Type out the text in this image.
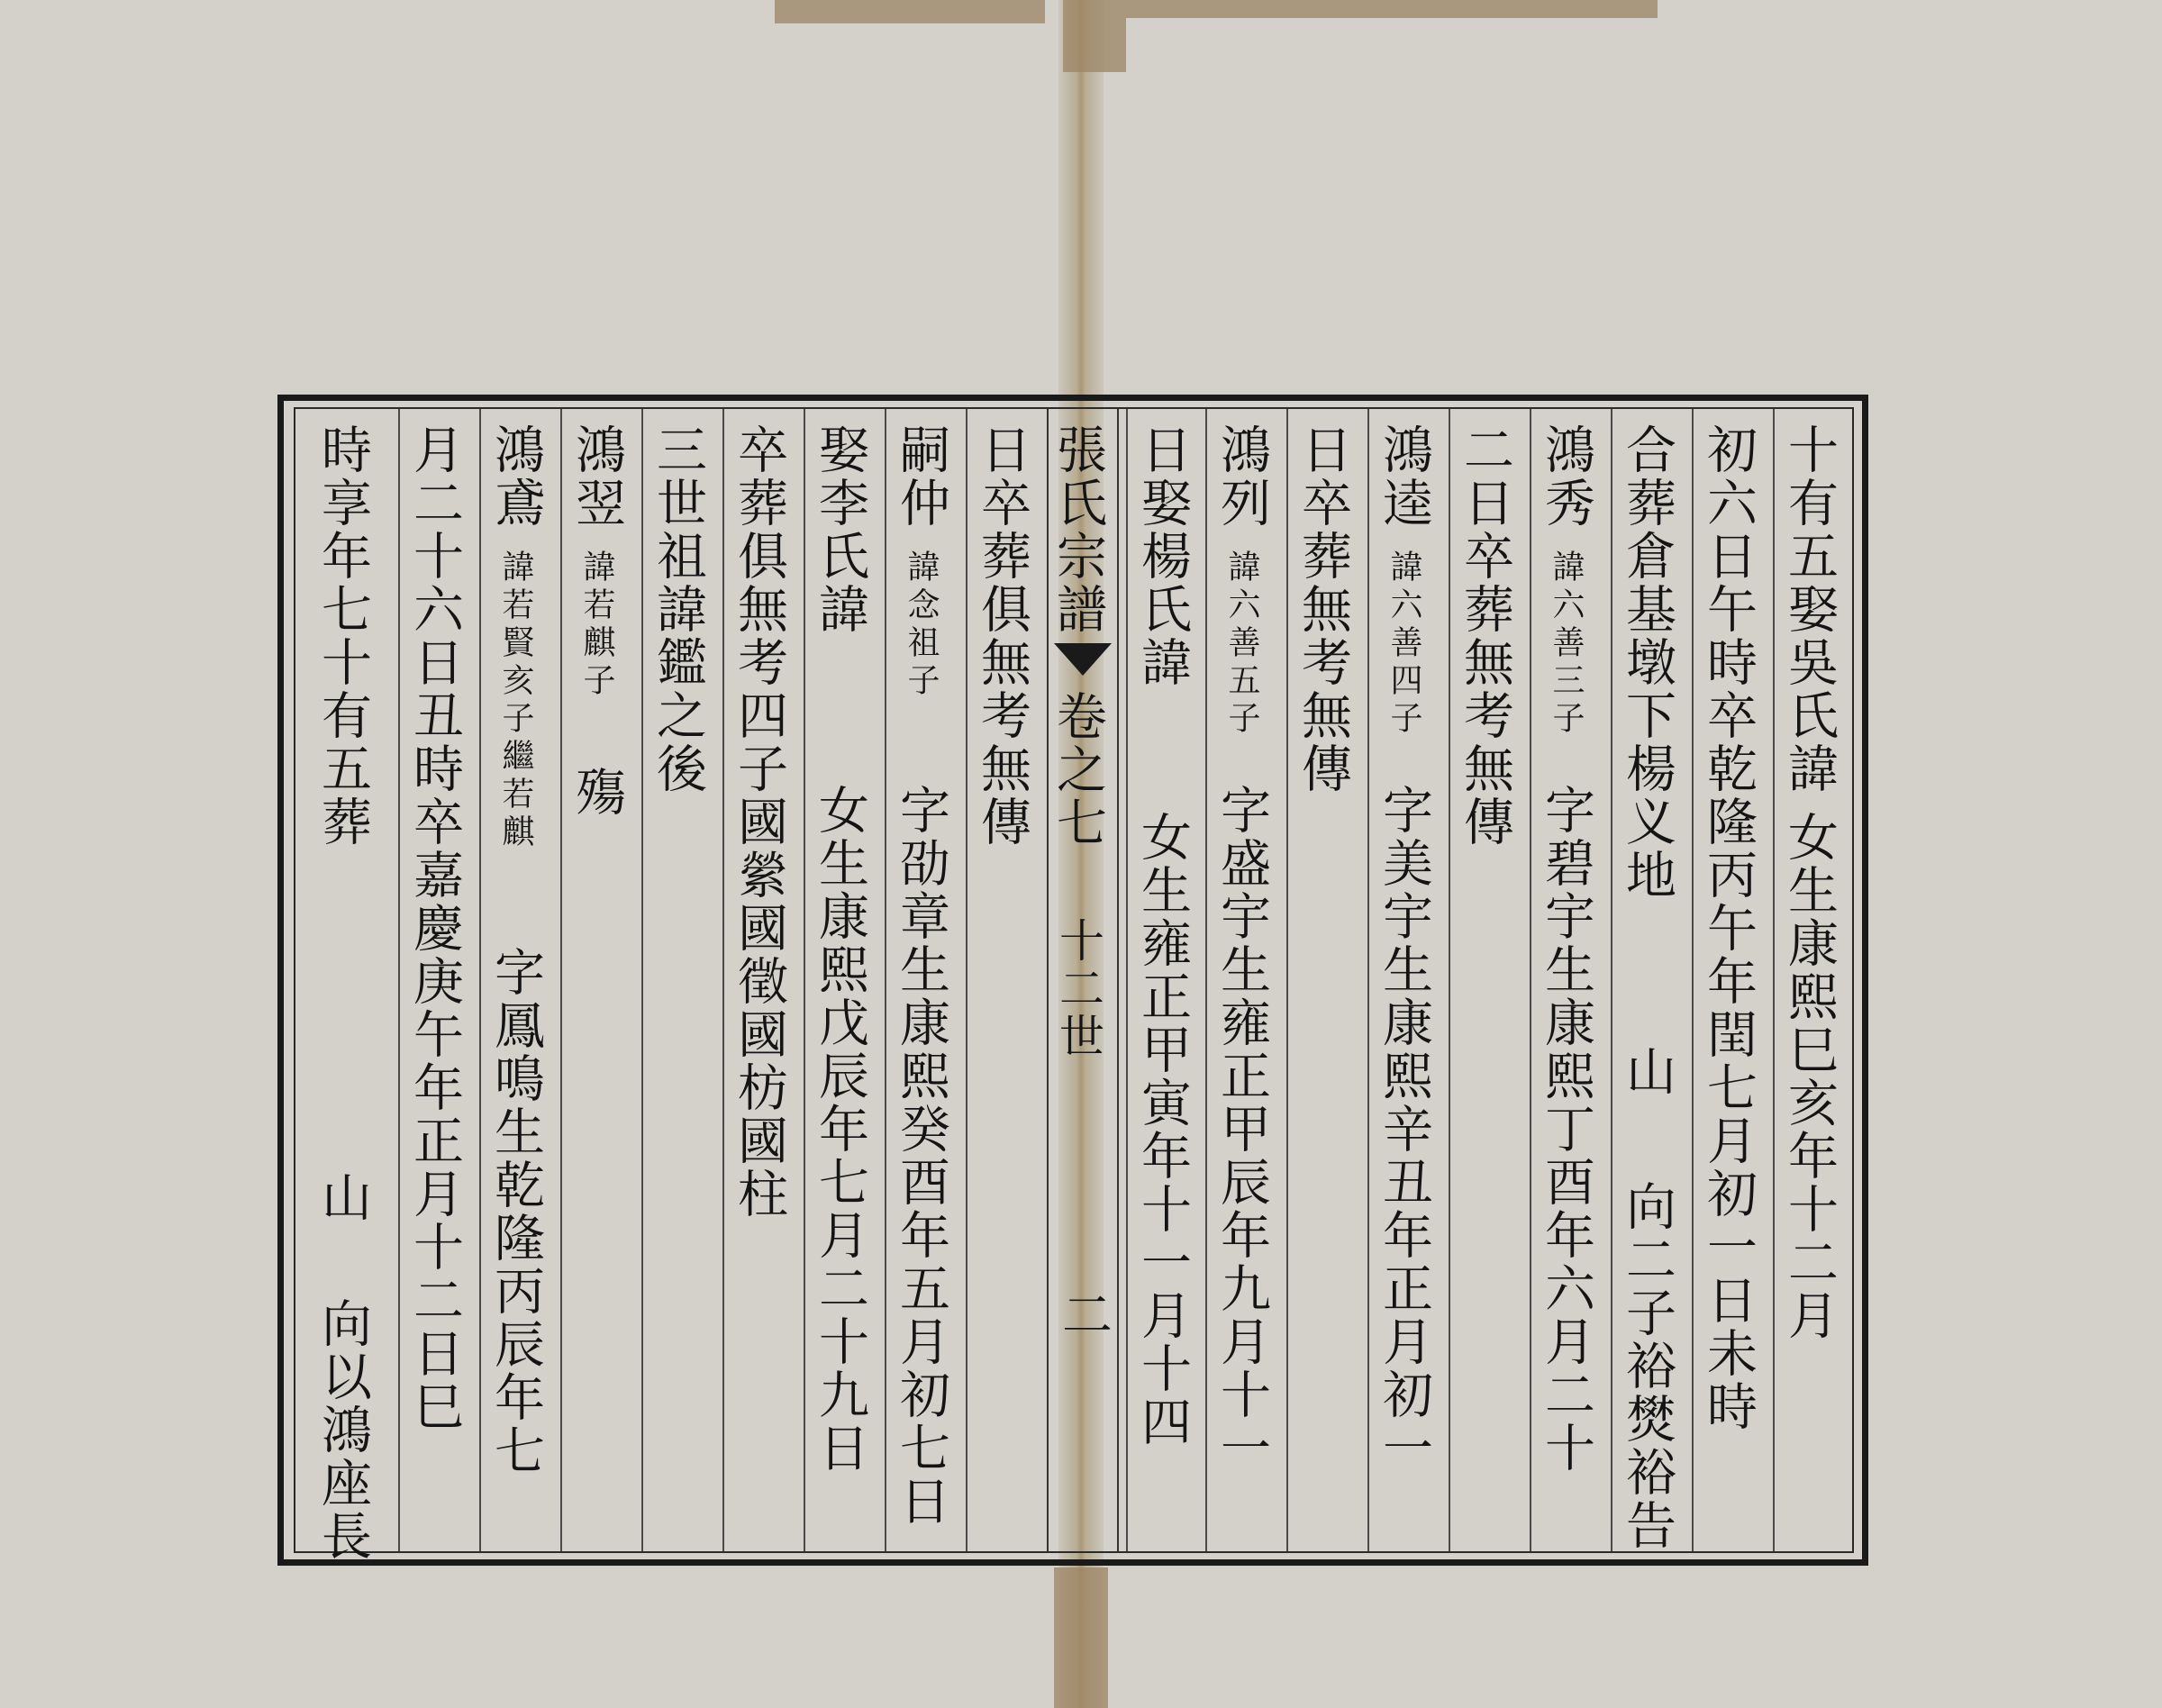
張氏宗譜
卷之七
十二世
二
十有五娶吳氏諱
女生康熙巳亥年十二月
初六日午時卒乾隆丙午年閏七月初一日未時
合葬倉基墩下楊义地
山
向二子裕燓裕告
鴻秀
諱六善三子
字碧宇生康熙丁酉年六月二十
二日卒葬無考無傳
鴻逵
諱六善四子
字美宇生康熙辛丑年正月初一
日卒葬無考無傳
鴻列
諱六善五子
字盛宇生雍正甲辰年九月十一
日娶楊氏諱
女生雍正甲寅年十一月十四
日卒葬俱無考無傳
嗣仲
諱念祖子
字劭章生康熙癸酉年五月初七日
娶李氏諱
女生康熙戊辰年七月二十九日
卒葬俱無考四子國縈國徵國枋國柱
三世祖諱鑑之後
鴻翌
諱若麒子
殤
鴻鳶
諱若賢亥子繼若麒
字鳳鳴生乾隆丙辰年七
月二十六日丑時卒嘉慶庚午年正月十二日巳
時享年七十有五葬
山
向以鴻座長
